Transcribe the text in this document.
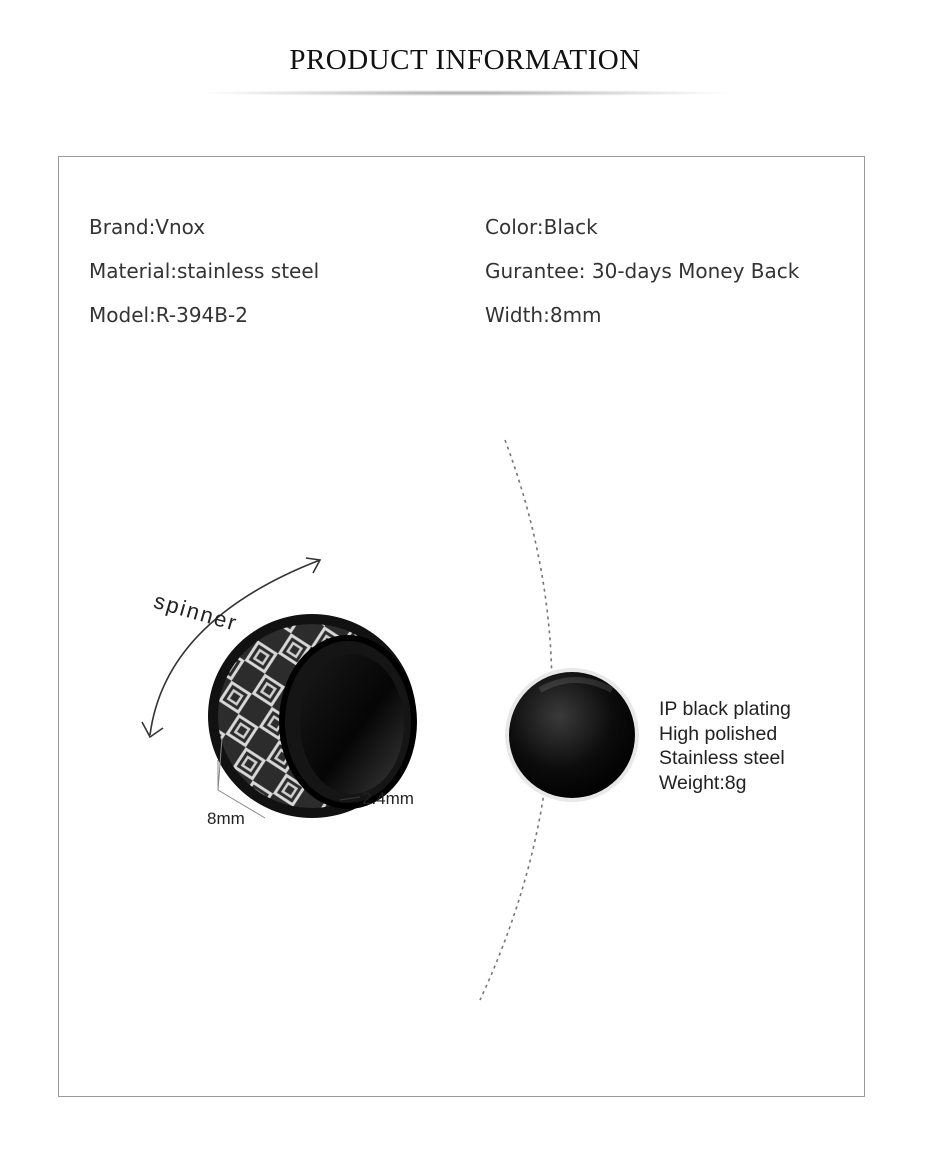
PRODUCT INFORMATION
Brand:Vnox
Material:stainless steel
Model:R-394B-2
Color:Black
Gurantee: 30-days Money Back
Width:8mm
spinner
8mm
2.4mm
IP black plating
High polished
Stainless steel
Weight:8g
